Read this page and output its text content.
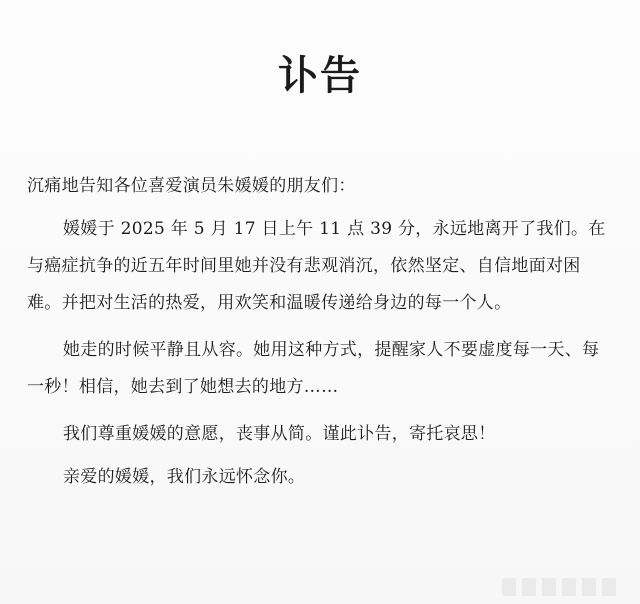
讣告

沉痛地告知各位喜爱演员朱媛媛的朋友们：

媛媛于 2025 年 5 月 17 日上午 11 点 39 分，永远地离开了我们。在与癌症抗争的近五年时间里她并没有悲观消沉，依然坚定、自信地面对困难。并把对生活的热爱，用欢笑和温暖传递给身边的每一个人。

她走的时候平静且从容。她用这种方式，提醒家人不要虚度每一天、每一秒！相信，她去到了她想去的地方……

我们尊重媛媛的意愿，丧事从简。谨此讣告，寄托哀思！

亲爱的媛媛，我们永远怀念你。
